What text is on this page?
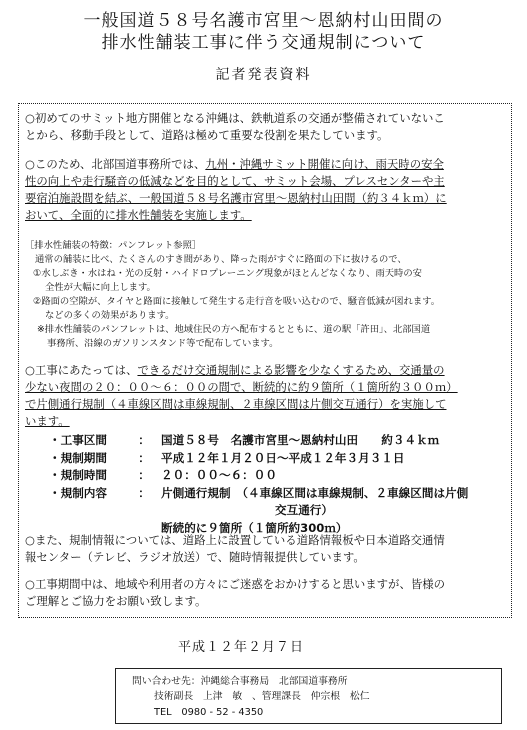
一般国道５８号名護市宮里〜恩納村山田間の
排水性舗装工事に伴う交通規制について
記者発表資料
○初めてのサミット地方開催となる沖縄は、鉄軌道系の交通が整備されていないこ
とから、移動手段として、道路は極めて重要な役割を果たしています。
○このため、北部国道事務所では、九州・沖縄サミット開催に向け、雨天時の安全
性の向上や走行騒音の低減などを目的として、サミット会場、プレスセンターや主
要宿泊施設間を結ぶ、一般国道５８号名護市宮里〜恩納村山田間（約３４ｋｍ）に
おいて、全面的に排水性舗装を実施します。
［排水性舗装の特徴：パンフレット参照］
通常の舗装に比べ、たくさんのすき間があり、降った雨がすぐに路面の下に抜けるので、
①水しぶき・水はね・光の反射・ハイドロプレーニング現象がほとんどなくなり、雨天時の安
全性が大幅に向上します。
②路面の空隙が、タイヤと路面に接触して発生する走行音を吸い込むので、騒音低減が図れます。
などの多くの効果があります。
※排水性舗装のパンフレットは、地域住民の方へ配布するとともに、道の駅「許田」、北部国道
事務所、沿線のガソリンスタンド等で配布しています。
○工事にあたっては、できるだけ交通規制による影響を少なくするため、交通量の
少ない夜間の２０：００〜６：００の間で、断続的に約９箇所（１箇所約３００ｍ）
で片側通行規制（４車線区間は車線規制、２車線区間は片側交互通行）を実施して
います。
・工事区間	： 国道５８号　名護市宮里〜恩納村山田　　約３４ｋｍ
・規制期間	： 平成１２年１月２０日〜平成１２年３月３１日
・規制時間	： ２０：００〜６：００
・規制内容	： 片側通行規制　（４車線区間は車線規制、２車線区間は片側
交互通行）
断続的に９箇所（１箇所約300ｍ）
○また、規制情報については、道路上に設置している道路情報板や日本道路交通情
報センター（テレビ、ラジオ放送）で、随時情報提供しています。
○工事期間中は、地域や利用者の方々にご迷惑をおかけすると思いますが、皆様の
ご理解とご協力をお願い致します。
平成１２年２月７日
問い合わせ先：沖縄総合事務局　北部国道事務所
技術副長　上津　敏　、管理課長　仲宗根　松仁
TEL　0980 - 52 - 4350
